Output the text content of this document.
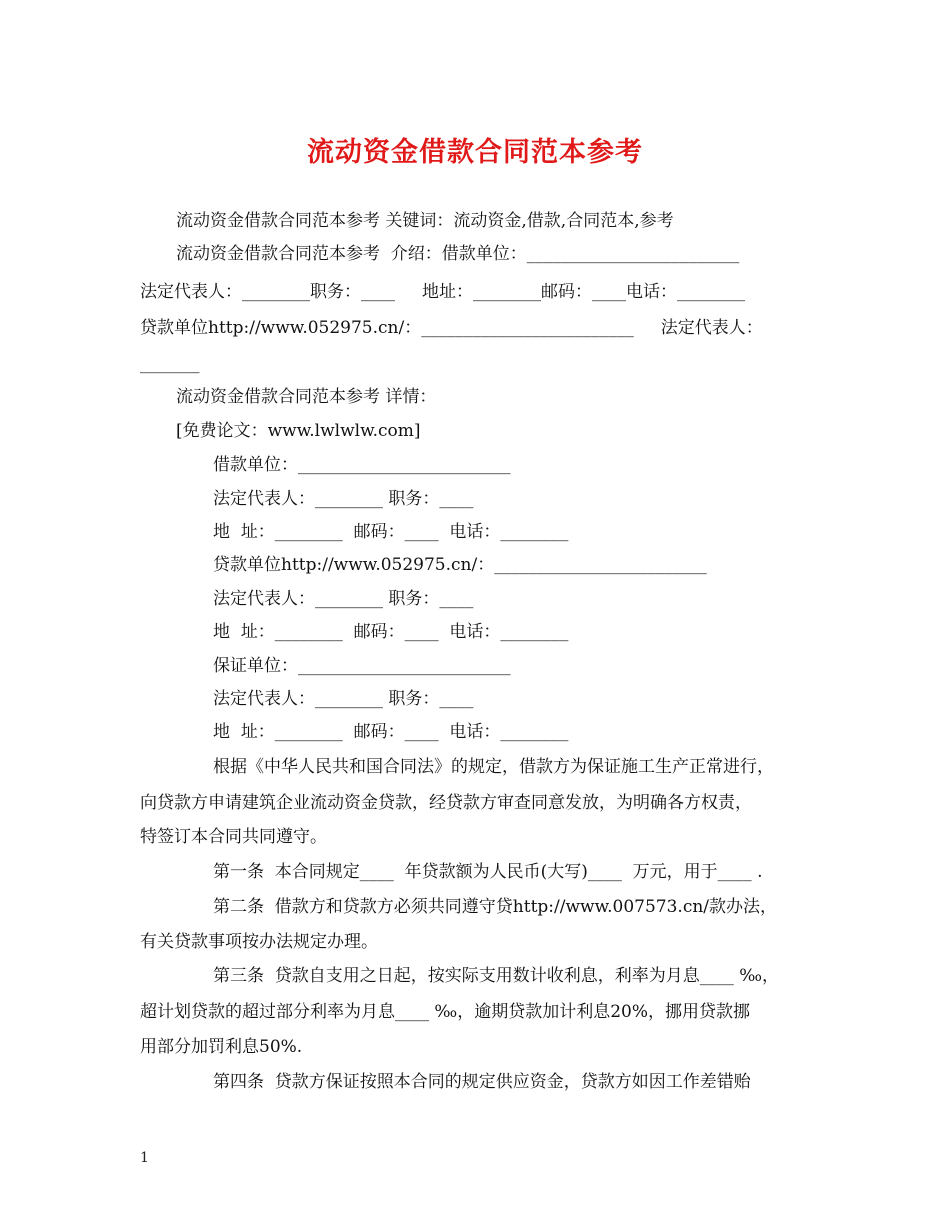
流动资金借款合同范本参考
流动资金借款合同范本参考 关键词：流动资金,借款,合同范本,参考
流动资金借款合同范本参考  介绍：借款单位：_________________________
法定代表人：________职务：____     地址：________邮码：____电话：________
贷款单位http://www.052975.cn/：_________________________     法定代表人：
_______
流动资金借款合同范本参考 详情：
[免费论文：www.lwlwlw.com]
借款单位：_________________________
法定代表人：________ 职务：____
地  址：________  邮码：____  电话：________
贷款单位http://www.052975.cn/：_________________________
法定代表人：________ 职务：____
地  址：________  邮码：____  电话：________
保证单位：_________________________
法定代表人：________ 职务：____
地  址：________  邮码：____  电话：________
根据《中华人民共和国合同法》的规定，借款方为保证施工生产正常进行，
向贷款方申请建筑企业流动资金贷款，经贷款方审查同意发放，为明确各方权责，
特签订本合同共同遵守。
第一条  本合同规定____  年贷款额为人民币(大写)____  万元，用于____ .
第二条  借款方和贷款方必须共同遵守贷http://www.007573.cn/款办法，
有关贷款事项按办法规定办理。
第三条  贷款自支用之日起，按实际支用数计收利息，利率为月息____ ‰，
超计划贷款的超过部分利率为月息____ ‰，逾期贷款加计利息20%，挪用贷款挪
用部分加罚利息50%.
第四条  贷款方保证按照本合同的规定供应资金，贷款方如因工作差错贻
1
